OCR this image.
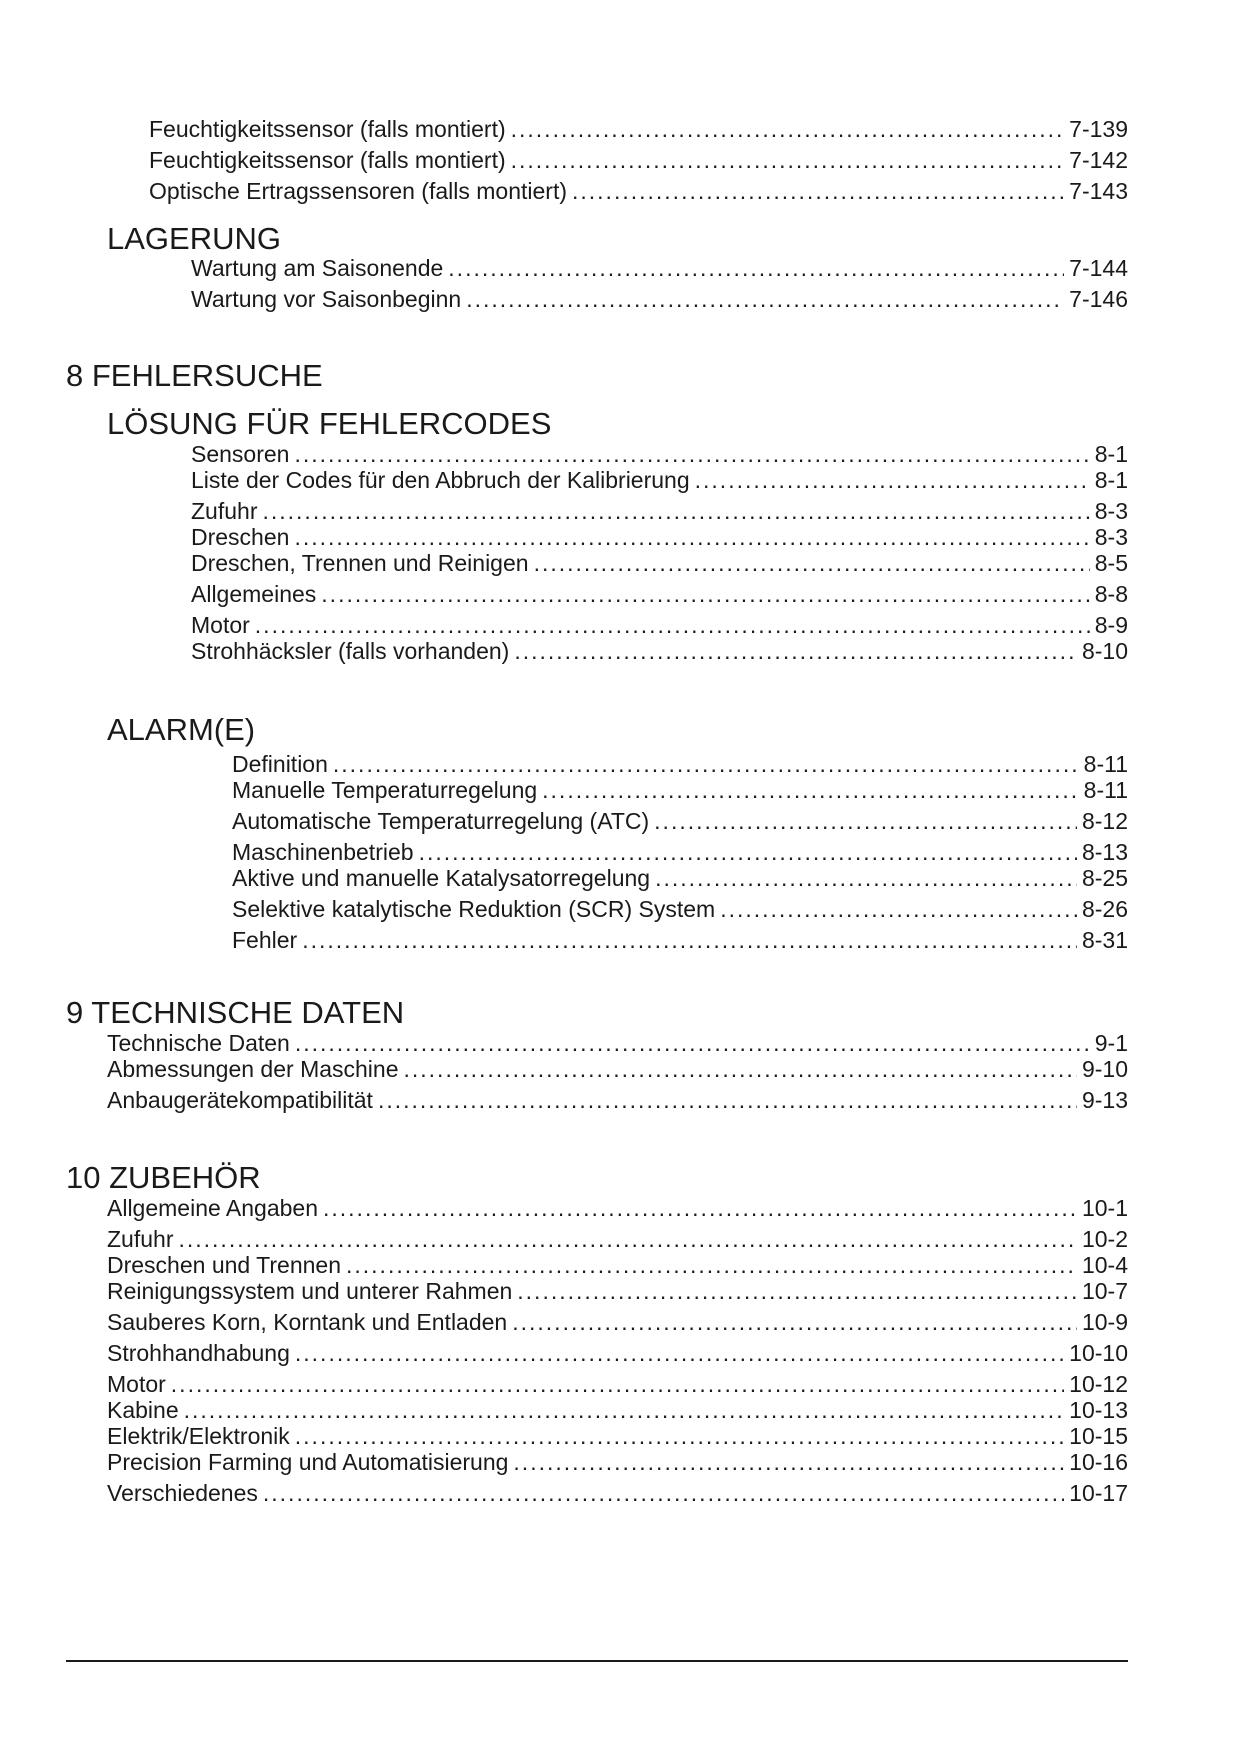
Feuchtigkeitssensor (falls montiert) .....	7-139
Feuchtigkeitssensor (falls montiert) .....	7-142
Optische Ertragssensoren (falls montiert) .....	7-143
LAGERUNG
Wartung am Saisonende .....	7-144
Wartung vor Saisonbeginn .....	7-146
8 FEHLERSUCHE
LÖSUNG FÜR FEHLERCODES
Sensoren .....	8-1
Liste der Codes für den Abbruch der Kalibrierung .....	8-1
Zufuhr .....	8-3
Dreschen .....	8-3
Dreschen, Trennen und Reinigen .....	8-5
Allgemeines .....	8-8
Motor .....	8-9
Strohhäcksler (falls vorhanden) .....	8-10
ALARM(E)
Definition .....	8-11
Manuelle Temperaturregelung .....	8-11
Automatische Temperaturregelung (ATC) .....	8-12
Maschinenbetrieb .....	8-13
Aktive und manuelle Katalysatorregelung .....	8-25
Selektive katalytische Reduktion (SCR) System .....	8-26
Fehler .....	8-31
9 TECHNISCHE DATEN
Technische Daten .....	9-1
Abmessungen der Maschine .....	9-10
Anbaugerätekompatibilität .....	9-13
10 ZUBEHÖR
Allgemeine Angaben .....	10-1
Zufuhr .....	10-2
Dreschen und Trennen .....	10-4
Reinigungssystem und unterer Rahmen .....	10-7
Sauberes Korn, Korntank und Entladen .....	10-9
Strohhandhabung .....	10-10
Motor .....	10-12
Kabine .....	10-13
Elektrik/Elektronik .....	10-15
Precision Farming und Automatisierung .....	10-16
Verschiedenes .....	10-17
